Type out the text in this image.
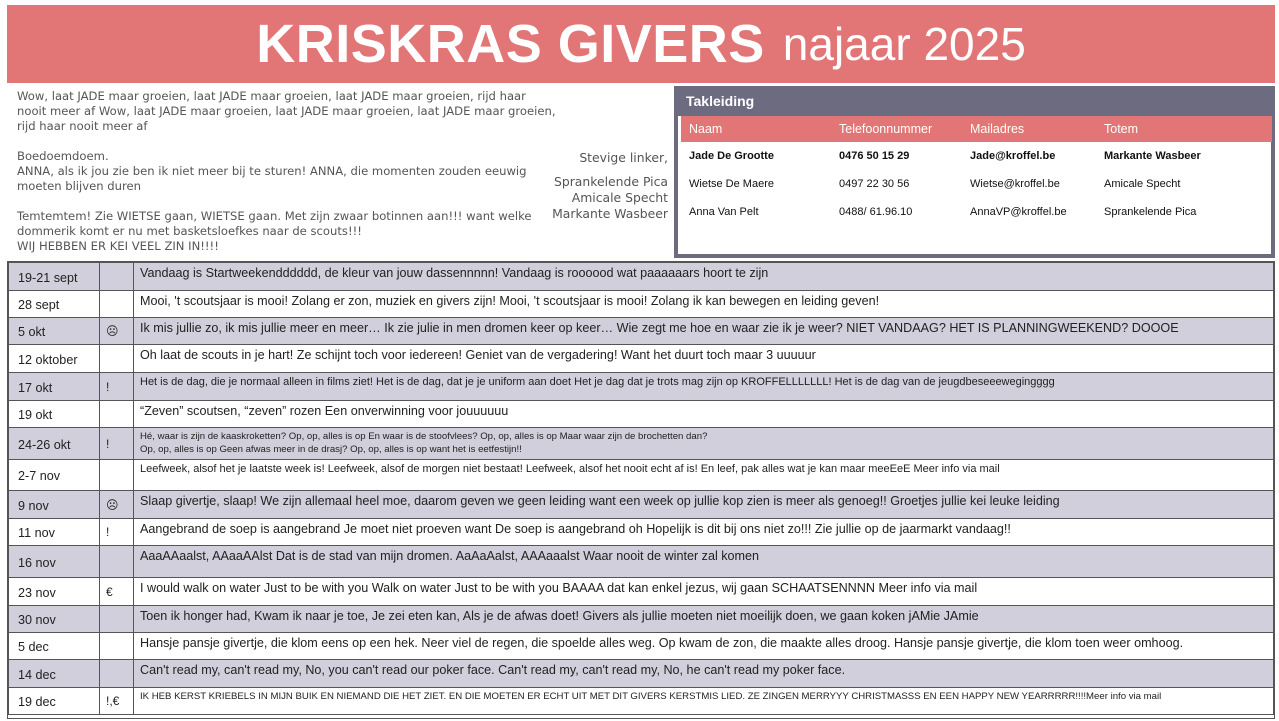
KRISKRAS GIVERS najaar 2025

Wow, laat JADE maar groeien, laat JADE maar groeien, laat JADE maar groeien, rijd haar nooit meer af Wow, laat JADE maar groeien, laat JADE maar groeien, laat JADE maar groeien, rijd haar nooit meer af

Boedoemdoem.
ANNA, als ik jou zie ben ik niet meer bij te sturen! ANNA, die momenten zouden eeuwig moeten blijven duren

Temtemtem! Zie WIETSE gaan, WIETSE gaan. Met zijn zwaar botinnen aan!!! want welke dommerik komt er nu met basketsloefkes naar de scouts!!!
WIJ HEBBEN ER KEI VEEL ZIN IN!!!!

Stevige linker,
Sprankelende Pica
Amicale Specht
Markante Wasbeer
Takleiding
Naam	Telefoonnummer	Mailadres	Totem
Jade De Grootte	0476 50 15 29	Jade@kroffel.be	Markante Wasbeer
Wietse De Maere	0497 22 30 56	Wietse@kroffel.be	Amicale Specht
Anna Van Pelt	0488/ 61.96.10	AnnaVP@kroffel.be	Sprankelende Pica
19-21 sept		Vandaag is Startweekendddddd, de kleur van jouw dassennnnn! Vandaag is roooood wat paaaaaars hoort te zijn
28 sept		Mooi, 't scoutsjaar is mooi! Zolang er zon, muziek en givers zijn! Mooi, 't scoutsjaar is mooi! Zolang ik kan bewegen en leiding geven!
5 okt	☹	Ik mis jullie zo, ik mis jullie meer en meer… Ik zie julie in men dromen keer op keer… Wie zegt me hoe en waar zie ik je weer? NIET VANDAAG? HET IS PLANNINGWEEKEND? DOOOE
12 oktober		Oh laat de scouts in je hart! Ze schijnt toch voor iedereen! Geniet van de vergadering! Want het duurt toch maar 3 uuuuur
17 okt	!	Het is de dag, die je normaal alleen in films ziet! Het is de dag, dat je je uniform aan doet Het je dag dat je trots mag zijn op KROFFELLLLLLL! Het is de dag van de jeugdbeseeewegingggg
19 okt		“Zeven” scoutsen, “zeven” rozen Een onverwinning voor jouuuuuu
24-26 okt	!	Hé, waar is zijn de kaaskroketten? Op, op, alles is op En waar is de stoofvlees? Op, op, alles is op Maar waar zijn de brochetten dan?
Op, op, alles is op Geen afwas meer in de drasj? Op, op, alles is op want het is eetfestijn!!
2-7 nov		Leefweek, alsof het je laatste week is! Leefweek, alsof de morgen niet bestaat! Leefweek, alsof het nooit echt af is! En leef, pak alles wat je kan maar meeEeE Meer info via mail
9 nov	☹	Slaap givertje, slaap! We zijn allemaal heel moe, daarom geven we geen leiding want een week op jullie kop zien is meer als genoeg!! Groetjes jullie kei leuke leiding
11 nov	!	Aangebrand de soep is aangebrand Je moet niet proeven want De soep is aangebrand oh Hopelijk is dit bij ons niet zo!!! Zie jullie op de jaarmarkt vandaag!!
16 nov		AaaAAaalst, AAaaAAlst Dat is de stad van mijn dromen. AaAaAalst, AAAaaalst Waar nooit de winter zal komen
23 nov	€	I would walk on water Just to be with you Walk on water Just to be with you BAAAA dat kan enkel jezus, wij gaan SCHAATSENNNN Meer info via mail
30 nov		Toen ik honger had, Kwam ik naar je toe, Je zei eten kan, Als je de afwas doet! Givers als jullie moeten niet moeilijk doen, we gaan koken jAMie JAmie
5 dec		Hansje pansje givertje, die klom eens op een hek. Neer viel de regen, die spoelde alles weg. Op kwam de zon, die maakte alles droog. Hansje pansje givertje, die klom toen weer omhoog.
14 dec		Can't read my, can't read my, No, you can't read our poker face. Can't read my, can't read my, No, he can't read my poker face.
19 dec	!,€	IK HEB KERST KRIEBELS IN MIJN BUIK EN NIEMAND DIE HET ZIET. EN DIE MOETEN ER ECHT UIT MET DIT GIVERS KERSTMIS LIED. ZE ZINGEN MERRYYY CHRISTMASSS EN EEN HAPPY NEW YEARRRRR!!!!Meer info via mail
